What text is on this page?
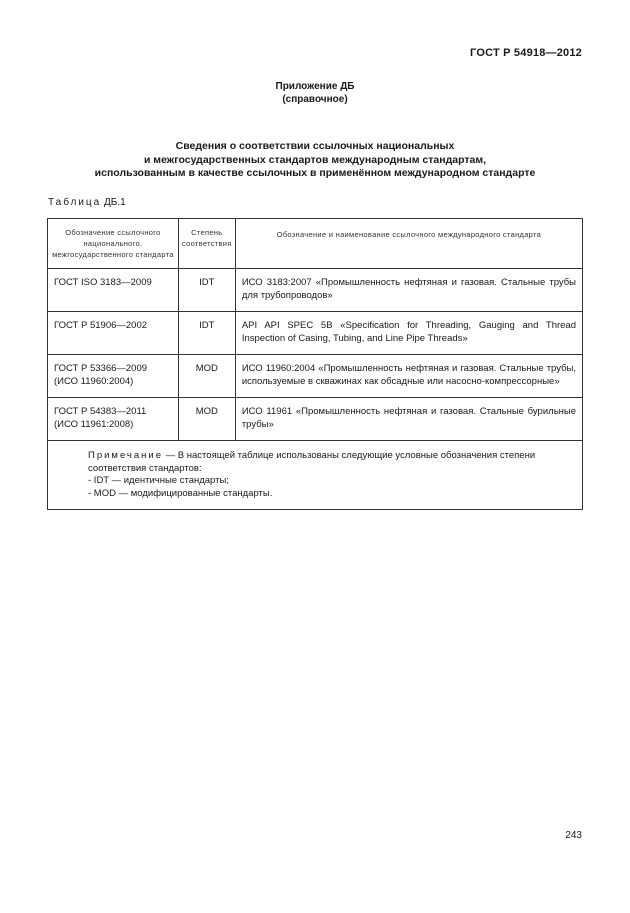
ГОСТ Р 54918—2012
Приложение ДБ
(справочное)
Сведения о соответствии ссылочных национальных
и межгосударственных стандартов международным стандартам,
использованным в качестве ссылочных в применённом международном стандарте
Таблица ДБ.1
Обозначение ссылочного национального, межгосударственного стандарта	Степень соответствия	Обозначение и наименование ссылочного международного стандарта
ГОСТ ISO 3183—2009	IDT	ИСО 3183:2007 «Промышленность нефтяная и газовая. Стальные трубы для трубопроводов»
ГОСТ Р 51906—2002	IDT	API API SPEC 5B «Specification for Threading, Gauging and Thread Inspection of Casing, Tubing, and Line Pipe Threads»
ГОСТ Р 53366—2009 (ИСО 11960:2004)	MOD	ИСО 11960:2004 «Промышленность нефтяная и газовая. Стальные трубы, используемые в скважинах как обсадные или насосно-компрессорные»
ГОСТ Р 54383—2011 (ИСО 11961:2008)	MOD	ИСО 11961 «Промышленность нефтяная и газовая. Стальные бурильные трубы»

Примечание — В настоящей таблице использованы следующие условные обозначения степени соответствия стандартов:
- IDT — идентичные стандарты;
- MOD — модифицированные стандарты.		
243
